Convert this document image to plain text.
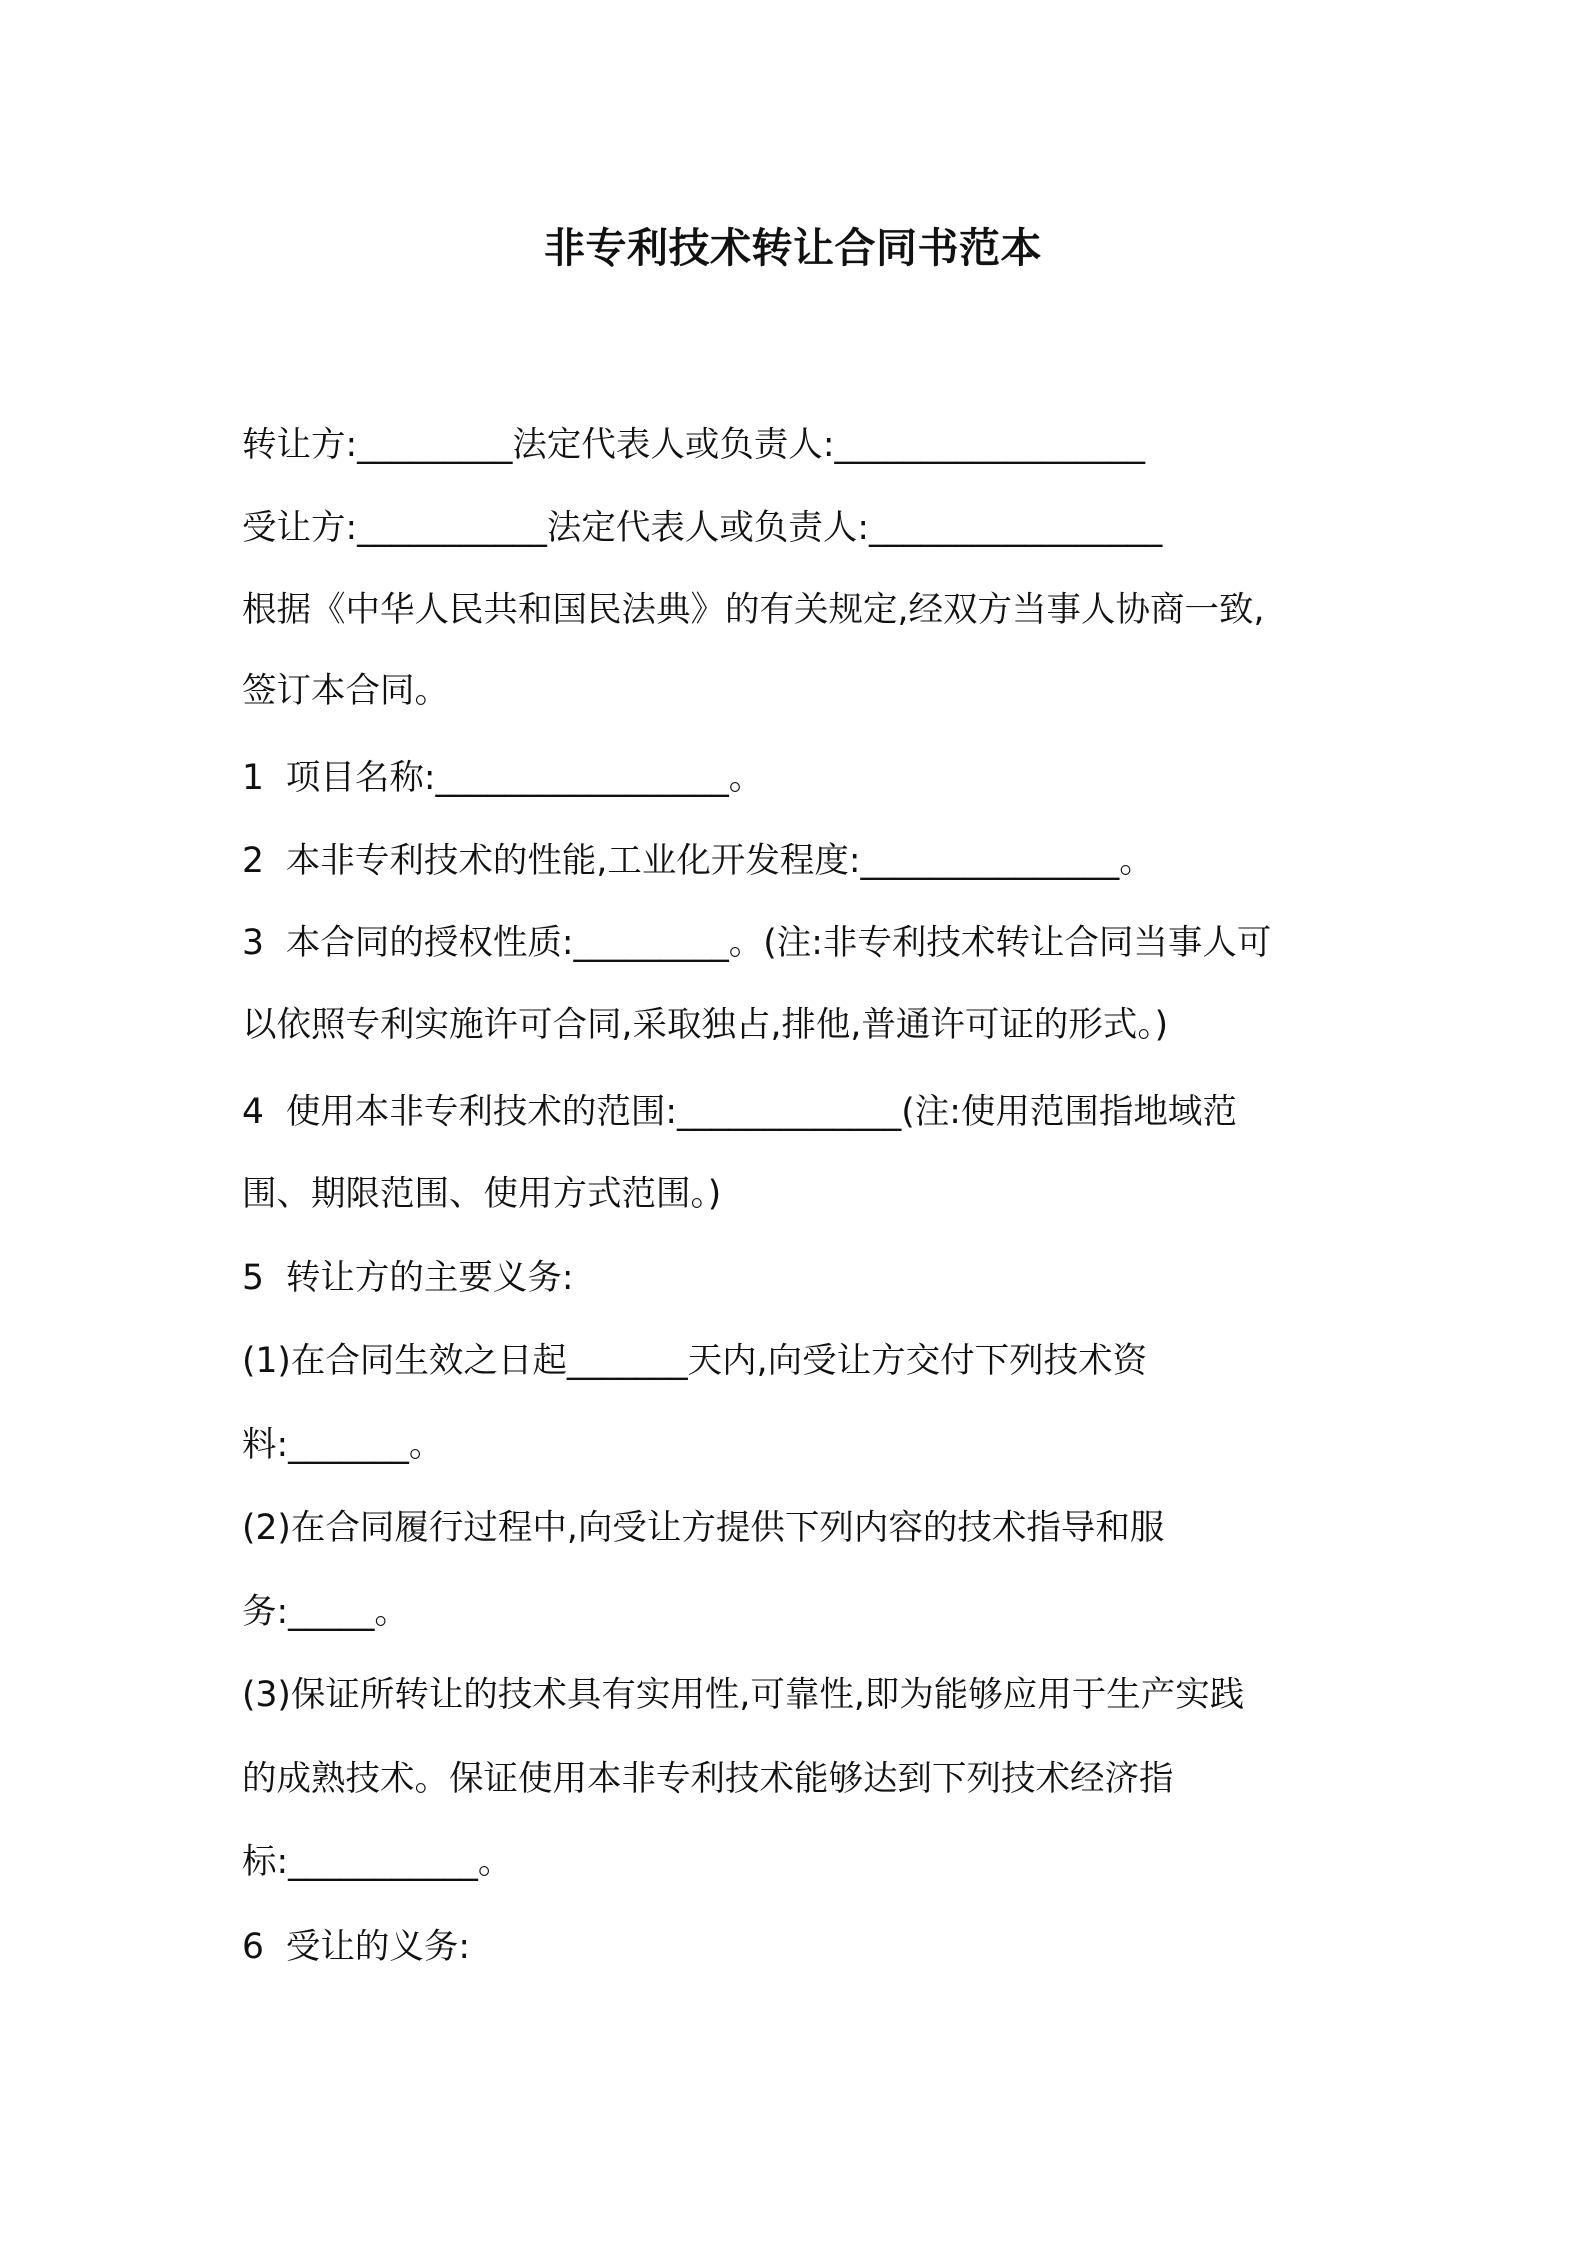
非专利技术转让合同书范本

转让方:_________法定代表人或负责人:__________________

受让方:___________法定代表人或负责人:_________________

根据《中华人民共和国民法典》的有关规定,经双方当事人协商一致,

签订本合同。

1  项目名称:_________________。

2  本非专利技术的性能,工业化开发程度:_______________。

3  本合同的授权性质:_________。(注:非专利技术转让合同当事人可

以依照专利实施许可合同,采取独占,排他,普通许可证的形式。)

4  使用本非专利技术的范围:_____________(注:使用范围指地域范

围、期限范围、使用方式范围。)

5  转让方的主要义务:

(1)在合同生效之日起_______天内,向受让方交付下列技术资

料:_______。

(2)在合同履行过程中,向受让方提供下列内容的技术指导和服

务:_____。

(3)保证所转让的技术具有实用性,可靠性,即为能够应用于生产实践

的成熟技术。保证使用本非专利技术能够达到下列技术经济指

标:___________。

6  受让的义务:
